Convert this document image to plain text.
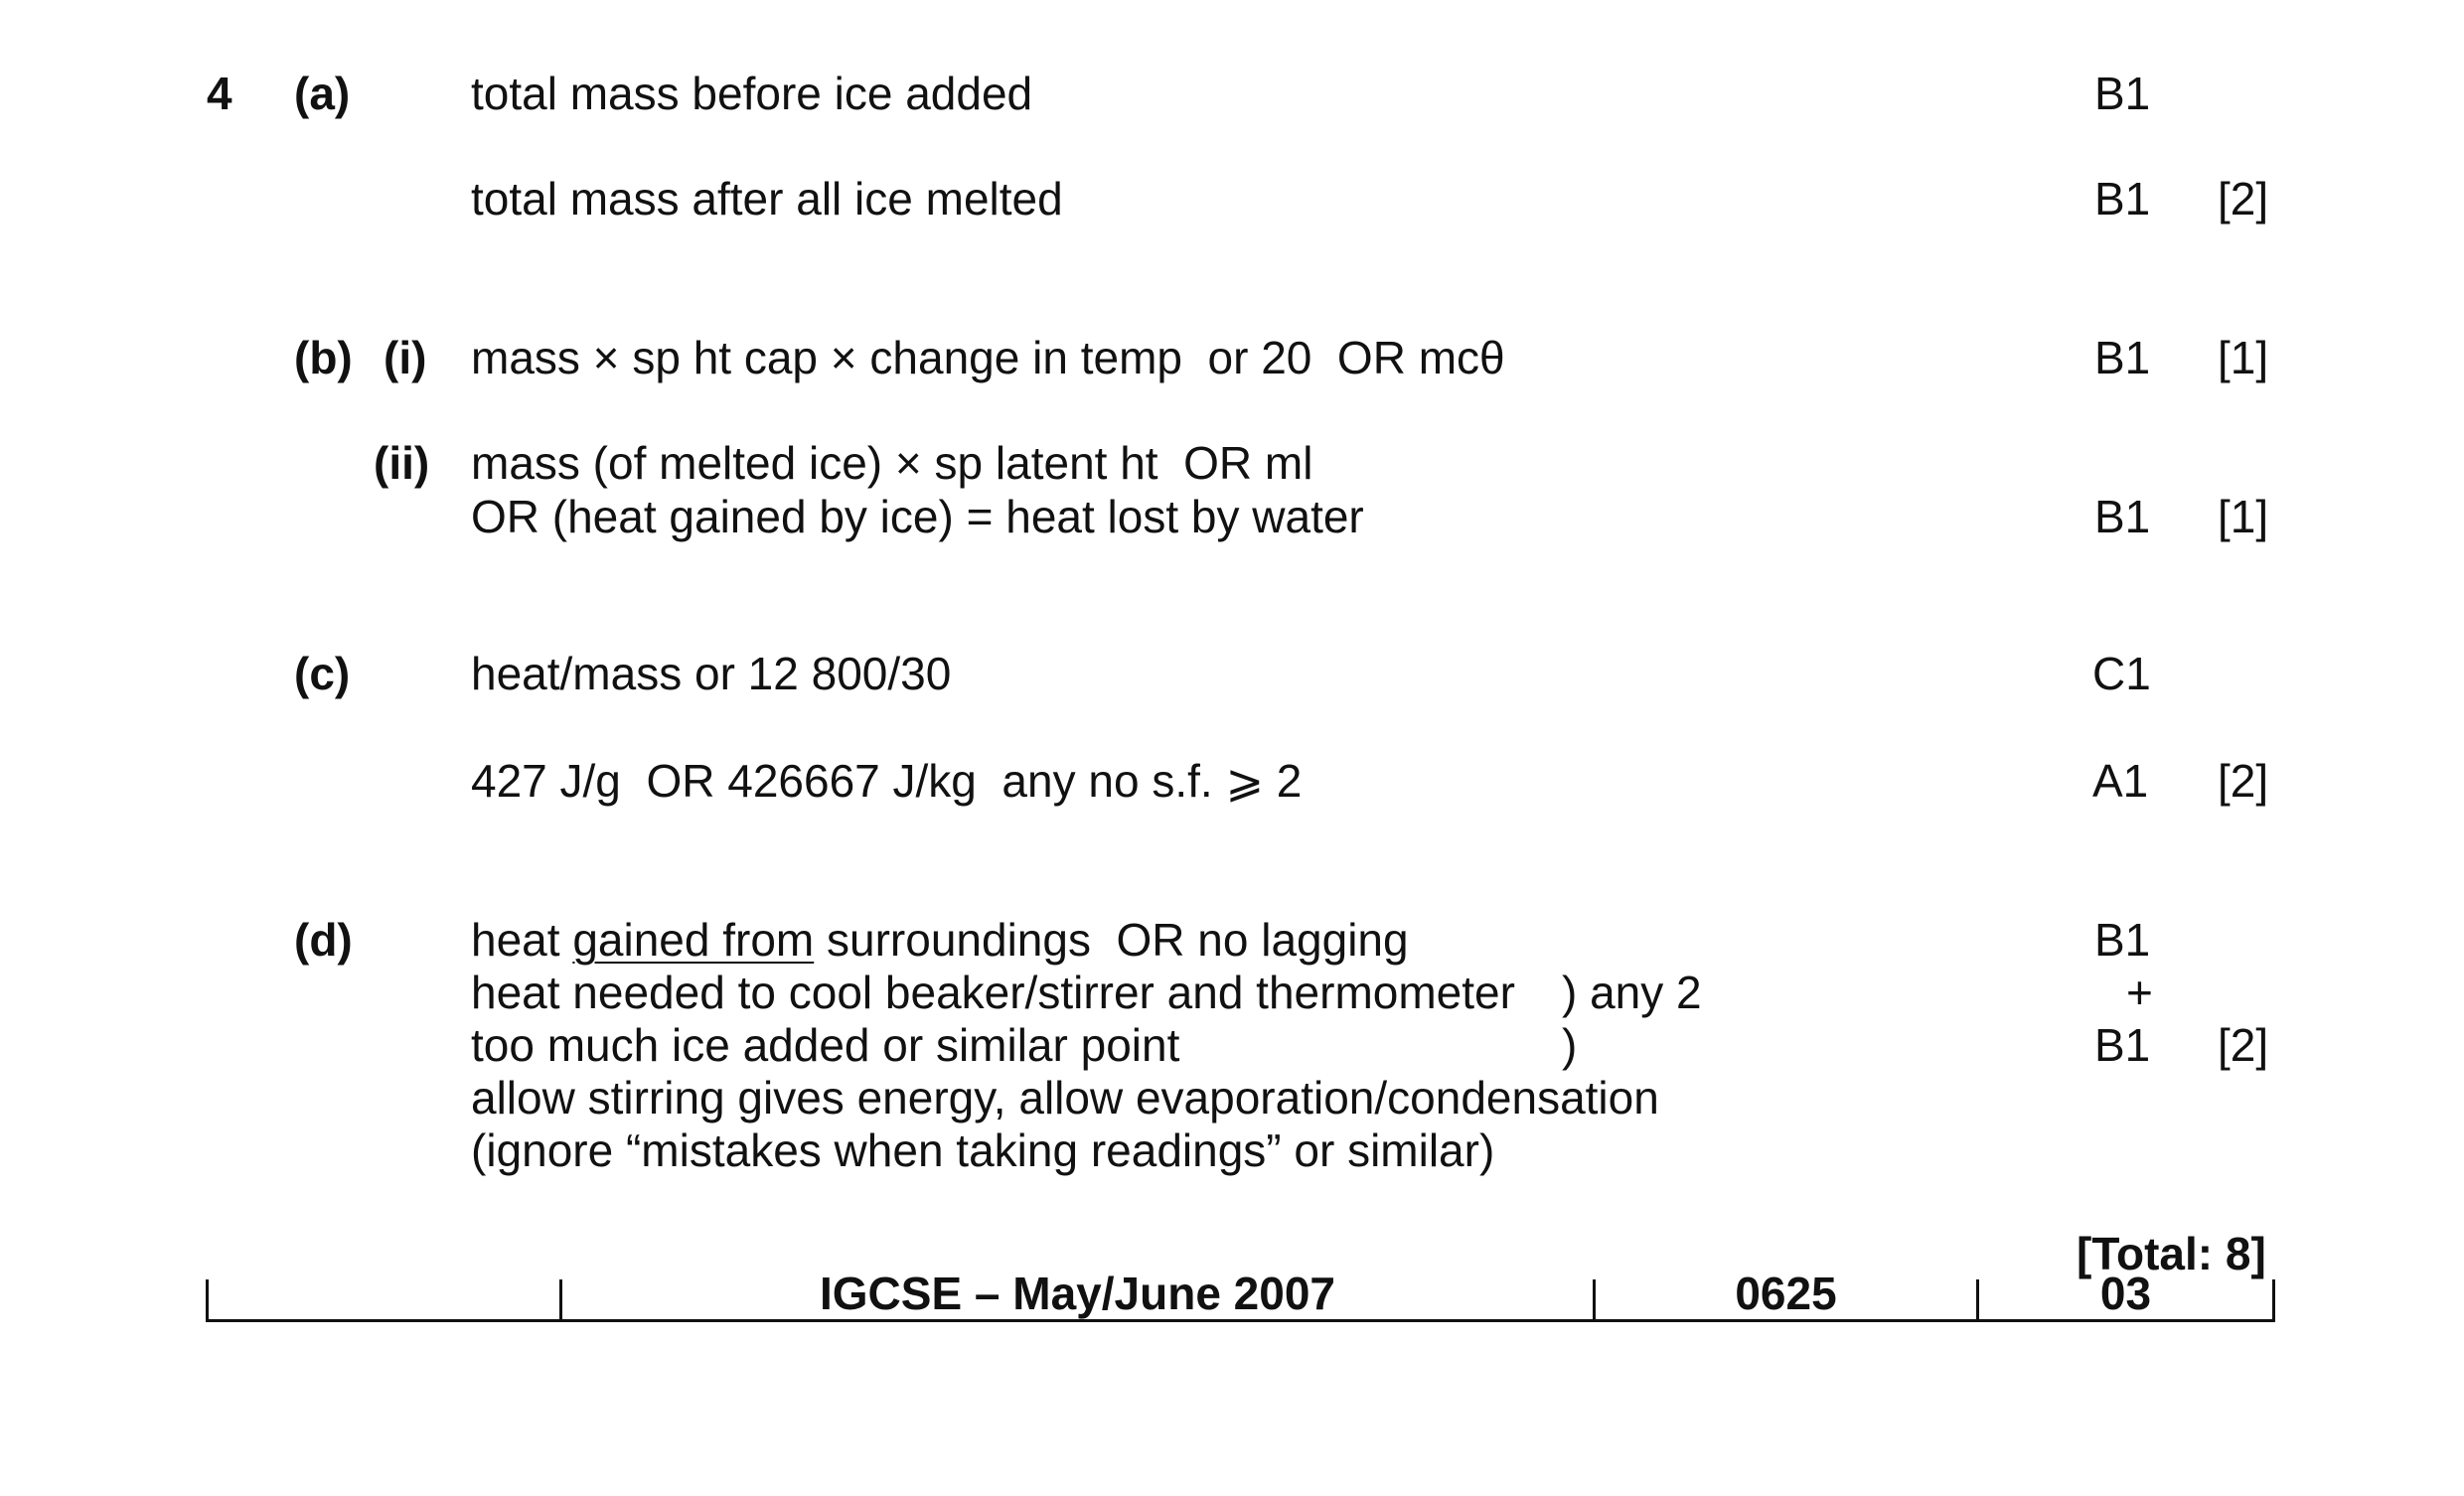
4 (a)	total mass before ice added	B1
total mass after all ice melted	B1 [2]
(b) (i) mass × sp ht cap × change in temp  or 20  OR mcθ	B1 [1]
(ii) mass (of melted ice) × sp latent ht  OR ml
OR (heat gained by ice) = heat lost by water	B1 [1]
(c)	heat/mass or 12 800/30	C1
427 J/g  OR 426667 J/kg  any no s.f. ⩾ 2	A1 [2]
(d)	heat gained from surroundings  OR no lagging	B1
heat needed to cool beaker/stirrer and thermometer ) any 2	+
too much ice added or similar point	)	B1 [2]
allow stirring gives energy, allow evaporation/condensation
(ignore “mistakes when taking readings” or similar)
[Total: 8]
IGCSE – May/June 2007	0625	03
